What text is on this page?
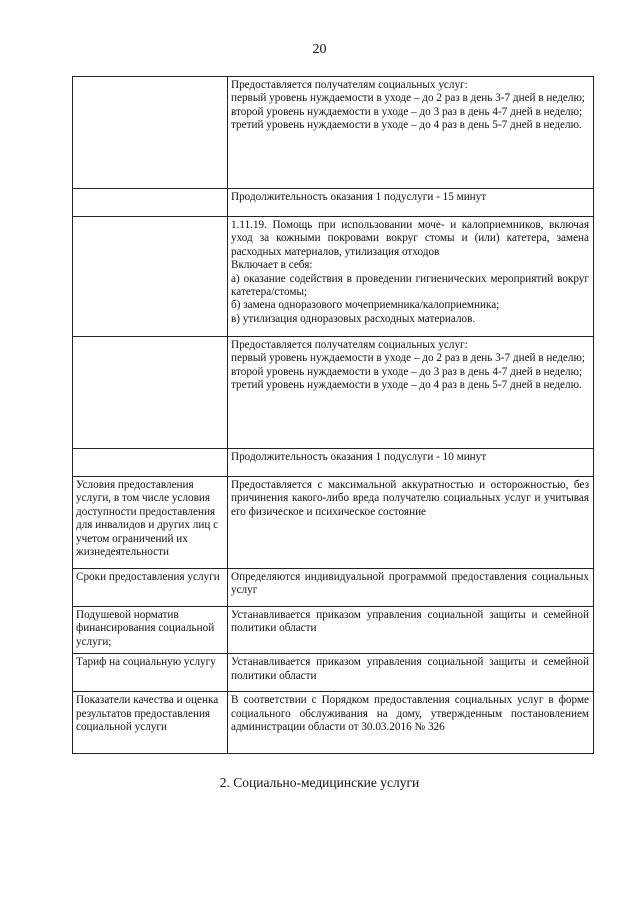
20

	Предоставляется получателям социальных услуг:
первый уровень нуждаемости в уходе – до 2 раз в день 3-7 дней в неделю;
второй уровень нуждаемости в уходе – до 3 раз в день 4-7 дней в неделю;
третий уровень нуждаемости в уходе – до 4 раз в день 5-7 дней в неделю.

	Продолжительность оказания 1 подуслуги - 15 минут

	1.11.19. Помощь при использовании моче- и калоприемников, включая уход за кожными покровами вокруг стомы и (или) катетера, замена расходных материалов, утилизация отходов
Включает в себя:
а) оказание содействия в проведении гигиенических мероприятий вокруг катетера/стомы;
б) замена одноразового мочеприемника/калоприемника;
в) утилизация одноразовых расходных материалов.

	Предоставляется получателям социальных услуг:
первый уровень нуждаемости в уходе – до 2 раз в день 3-7 дней в неделю;
второй уровень нуждаемости в уходе – до 3 раз в день 4-7 дней в неделю;
третий уровень нуждаемости в уходе – до 4 раз в день 5-7 дней в неделю.

	Продолжительность оказания 1 подуслуги - 10 минут

Условия предоставления услуги, в том числе условия доступности предоставления для инвалидов и других лиц с учетом ограничений их жизнедеятельности	Предоставляется с максимальной аккуратностью и осторожностью, без причинения какого-либо вреда получателю социальных услуг и учитывая его физическое и психическое состояние

Сроки предоставления услуги	Определяются индивидуальной программой предоставления социальных услуг

Подушевой норматив финансирования социальной услуги;	Устанавливается приказом управления социальной защиты и семейной политики области

Тариф на социальную услугу	Устанавливается приказом управления социальной защиты и семейной политики области

Показатели качества и оценка результатов предоставления социальной услуги	В соответствии с Порядком предоставления социальных услуг в форме социального обслуживания на дому, утвержденным постановлением администрации области от 30.03.2016 № 326
2. Социально-медицинские услуги
